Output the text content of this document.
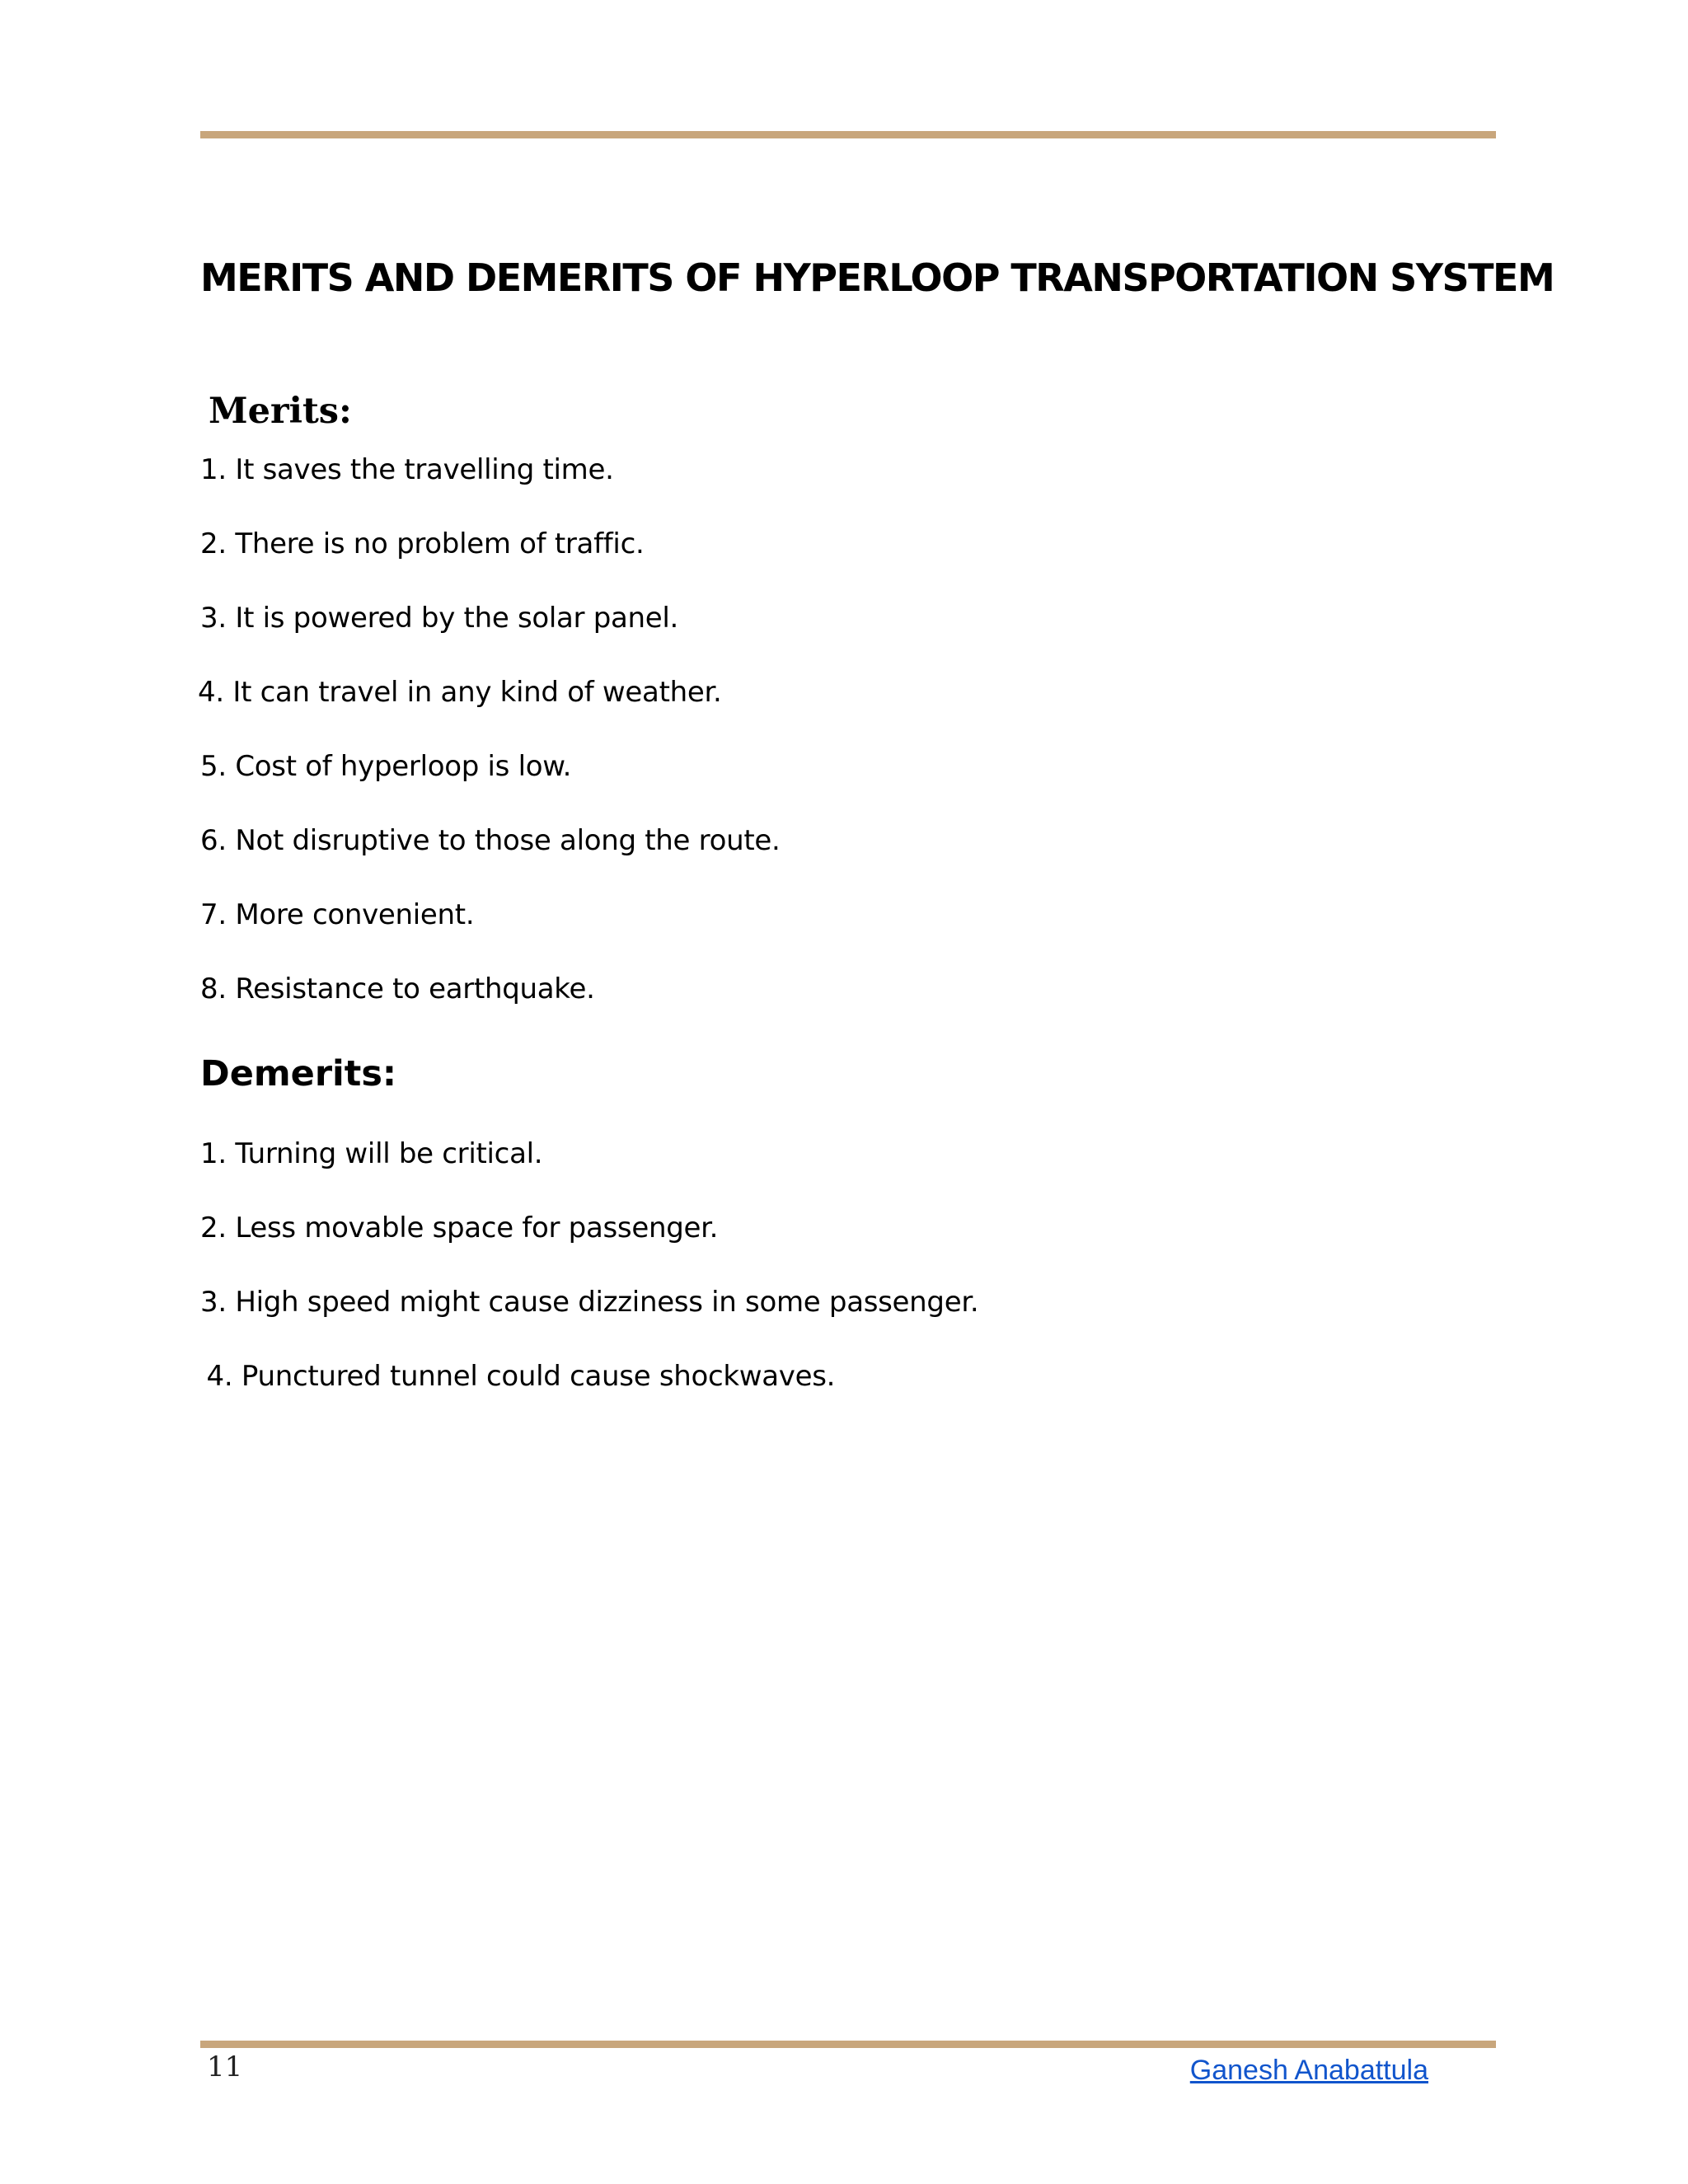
MERITS AND DEMERITS OF HYPERLOOP TRANSPORTATION SYSTEM
Merits:
1. It saves the travelling time.
2. There is no problem of traffic.
3. It is powered by the solar panel.
4. It can travel in any kind of weather.
5. Cost of hyperloop is low.
6. Not disruptive to those along the route.
7. More convenient.
8. Resistance to earthquake.
Demerits:
1. Turning will be critical.
2. Less movable space for passenger.
3. High speed might cause dizziness in some passenger.
4. Punctured tunnel could cause shockwaves.
11	Ganesh Anabattula
